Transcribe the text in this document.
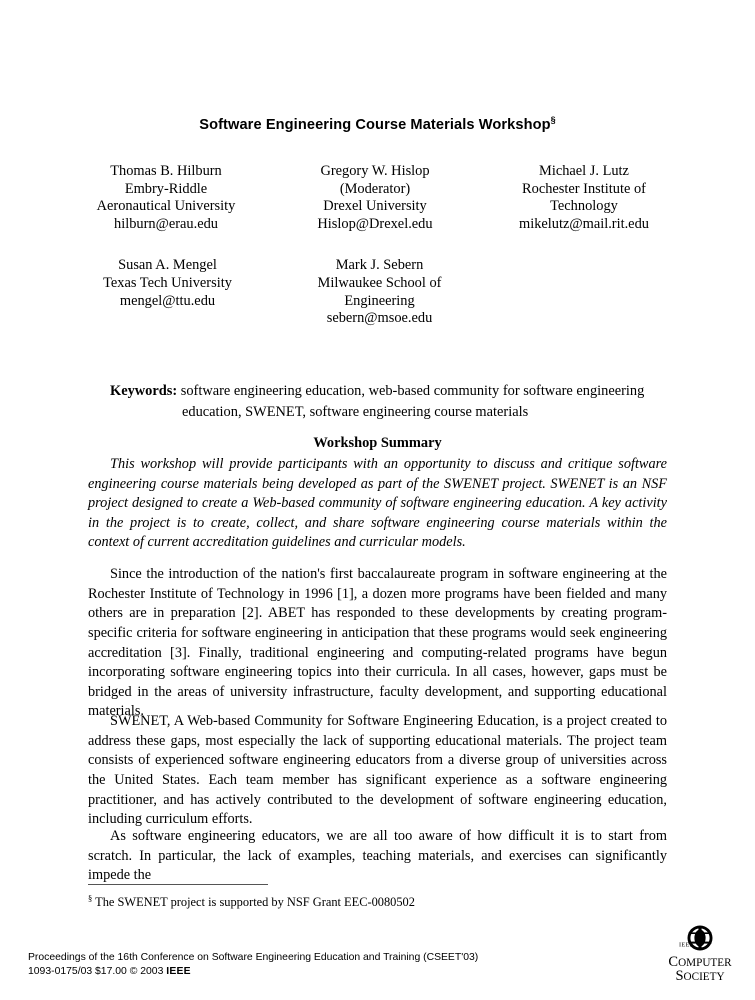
Software Engineering Course Materials Workshop§
Thomas B. Hilburn
Embry-Riddle
Aeronautical University
hilburn@erau.edu
Gregory W. Hislop
(Moderator)
Drexel University
Hislop@Drexel.edu
Michael J. Lutz
Rochester Institute of
Technology
mikelutz@mail.rit.edu
Susan A. Mengel
Texas Tech University
mengel@ttu.edu
Mark J. Sebern
Milwaukee School of
Engineering
sebern@msoe.edu
Keywords: software engineering education, web-based community for software engineering
education, SWENET, software engineering course materials
Workshop Summary
This workshop will provide participants with an opportunity to discuss and critique software engineering course materials being developed as part of the SWENET project. SWENET is an NSF project designed to create a Web-based community of software engineering education. A key activity in the project is to create, collect, and share software engineering course materials within the context of current accreditation guidelines and curricular models.

Since the introduction of the nation's first baccalaureate program in software engineering at the Rochester Institute of Technology in 1996 [1], a dozen more programs have been fielded and many others are in preparation [2]. ABET has responded to these developments by creating program-specific criteria for software engineering in anticipation that these programs would seek engineering accreditation [3]. Finally, traditional engineering and computing-related programs have begun incorporating software engineering topics into their curricula. In all cases, however, gaps must be bridged in the areas of university infrastructure, faculty development, and supporting educational materials.

SWENET, A Web-based Community for Software Engineering Education, is a project created to address these gaps, most especially the lack of supporting educational materials. The project team consists of experienced software engineering educators from a diverse group of universities across the United States. Each team member has significant experience as a software engineering practitioner, and has actively contributed to the development of software engineering education, including curriculum efforts.

As software engineering educators, we are all too aware of how difficult it is to start from scratch. In particular, the lack of examples, teaching materials, and exercises can significantly impede the

§ The SWENET project is supported by NSF Grant EEC-0080502
Proceedings of the 16th Conference on Software Engineering Education and Training (CSEET'03)
1093-0175/03 $17.00 © 2003 IEEE
IEEE
COMPUTER
SOCIETY
